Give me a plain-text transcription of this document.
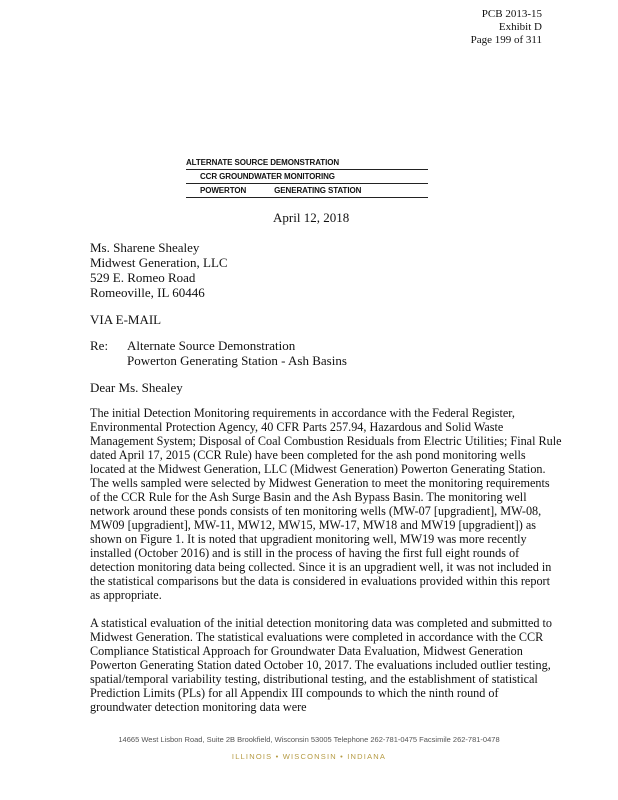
PCB 2013-15
Exhibit D
Page 199 of 311
ALTERNATE SOURCE DEMONSTRATION
CCR GROUNDWATER MONITORING
POWERTON	GENERATING STATION
April 12, 2018
Ms. Sharene Shealey
Midwest Generation, LLC
529 E. Romeo Road
Romeoville, IL 60446
VIA E-MAIL
Re: Alternate Source Demonstration
Powerton Generating Station - Ash Basins
Dear Ms. Shealey
The initial Detection Monitoring requirements in accordance with the Federal Register, Environmental Protection Agency, 40 CFR Parts 257.94, Hazardous and Solid Waste Management System; Disposal of Coal Combustion Residuals from Electric Utilities; Final Rule dated April 17, 2015 (CCR Rule) have been completed for the ash pond monitoring wells located at the Midwest Generation, LLC (Midwest Generation) Powerton Generating Station. The wells sampled were selected by Midwest Generation to meet the monitoring requirements of the CCR Rule for the Ash Surge Basin and the Ash Bypass Basin. The monitoring well network around these ponds consists of ten monitoring wells (MW-07 [upgradient], MW-08, MW09 [upgradient], MW-11, MW12, MW15, MW-17, MW18 and MW19 [upgradient]) as shown on Figure 1. It is noted that upgradient monitoring well, MW19 was more recently installed (October 2016) and is still in the process of having the first full eight rounds of detection monitoring data being collected. Since it is an upgradient well, it was not included in the statistical comparisons but the data is considered in evaluations provided within this report as appropriate.
A statistical evaluation of the initial detection monitoring data was completed and submitted to Midwest Generation. The statistical evaluations were completed in accordance with the CCR Compliance Statistical Approach for Groundwater Data Evaluation, Midwest Generation Powerton Generating Station dated October 10, 2017. The evaluations included outlier testing, spatial/temporal variability testing, distributional testing, and the establishment of statistical Prediction Limits (PLs) for all Appendix III compounds to which the ninth round of groundwater detection monitoring data were
14665 West Lisbon Road, Suite 2B Brookfield, Wisconsin 53005 Telephone 262-781-0475 Facsimile 262-781-0478
ILLINOIS • WISCONSIN • INDIANA
